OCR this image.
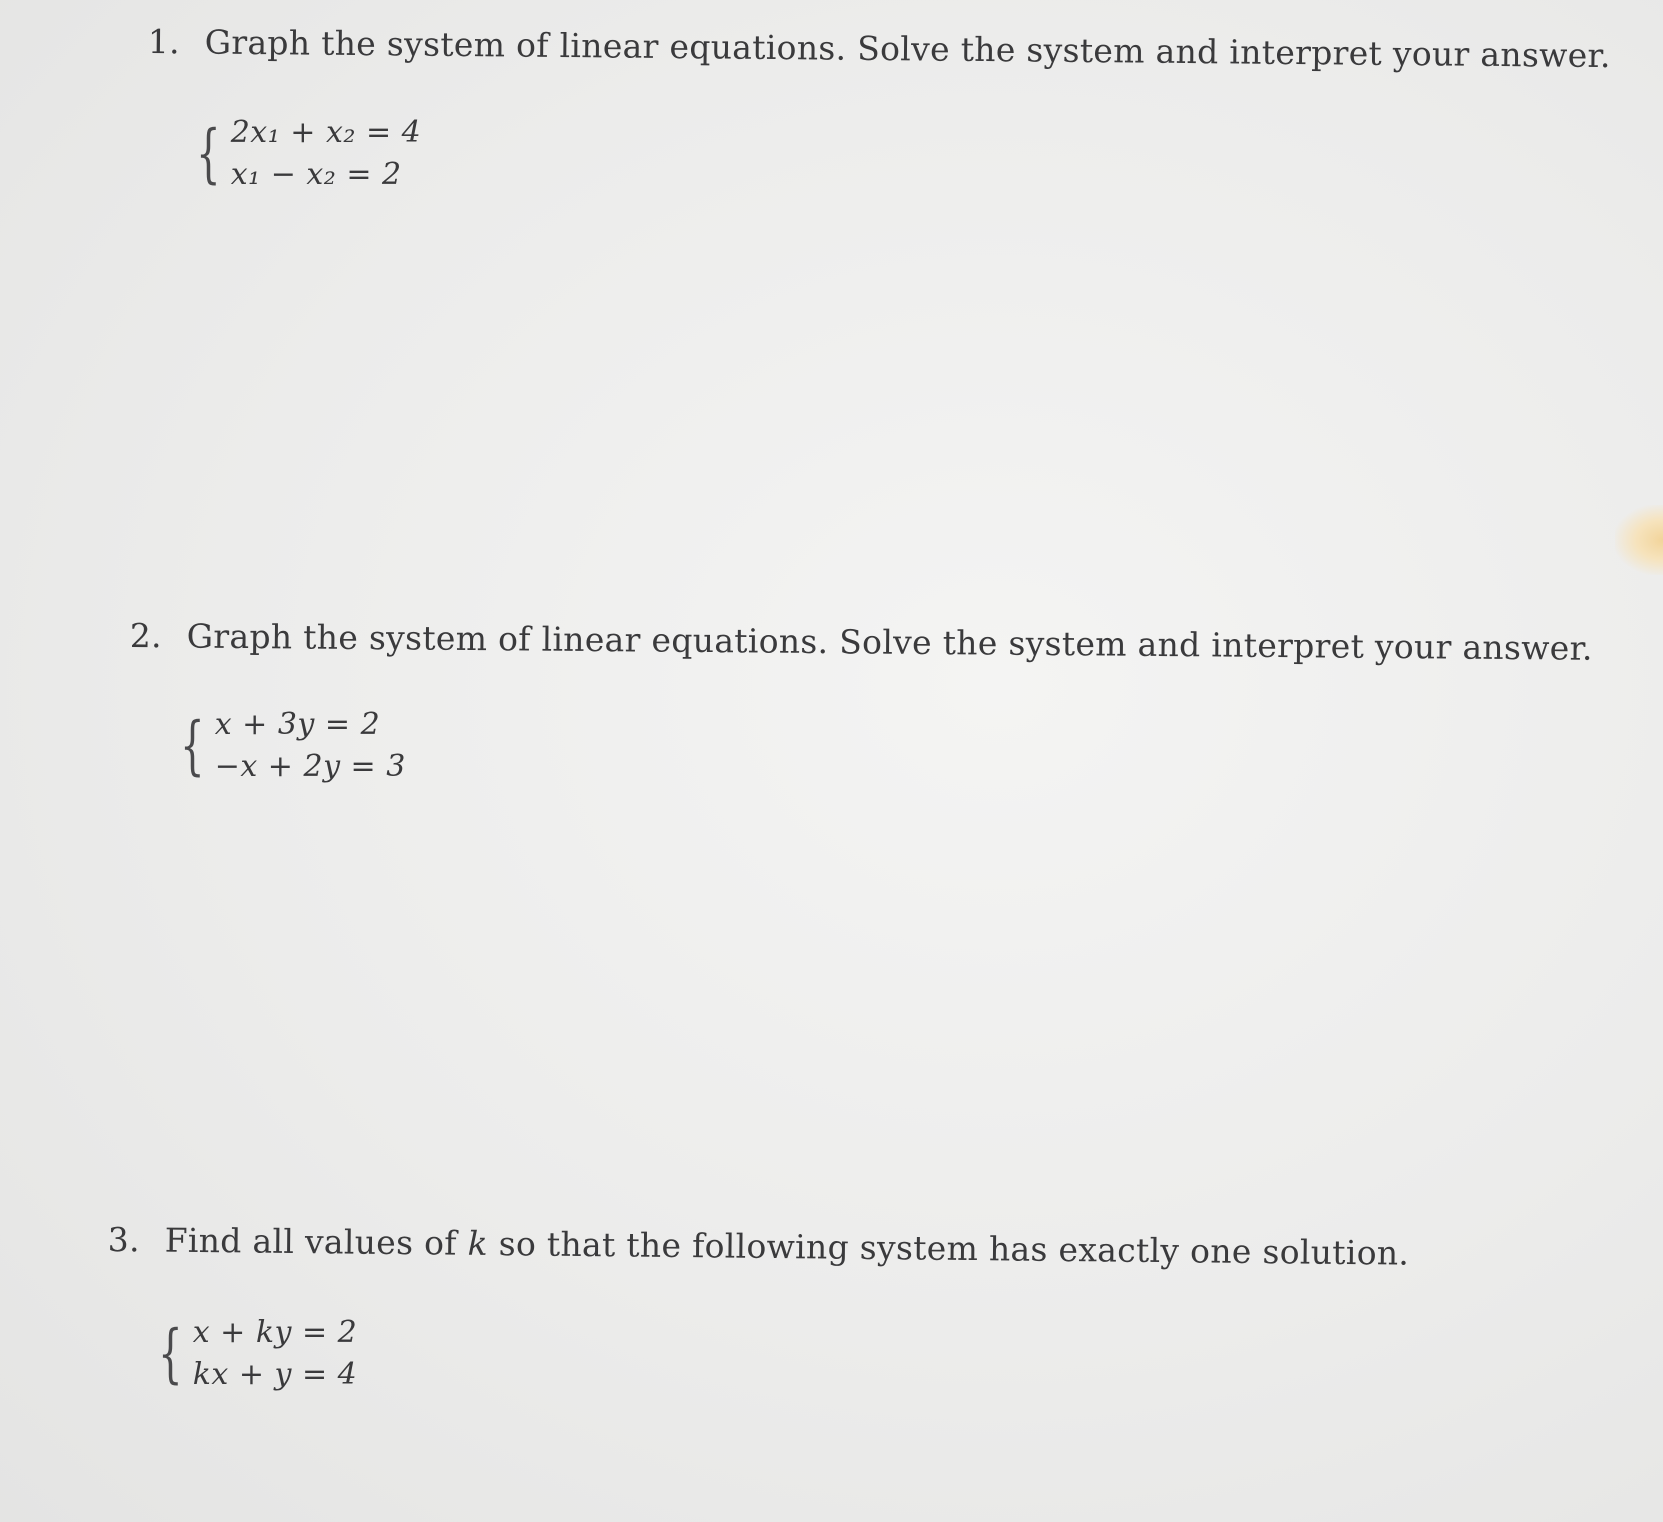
1. Graph the system of linear equations. Solve the system and interpret your answer.
{ 2x₁ + x₂ = 4
x₁ − x₂ = 2
2. Graph the system of linear equations. Solve the system and interpret your answer.
{ x + 3y = 2
−x + 2y = 3
3. Find all values of k so that the following system has exactly one solution.
{ x + ky = 2
kx + y = 4
